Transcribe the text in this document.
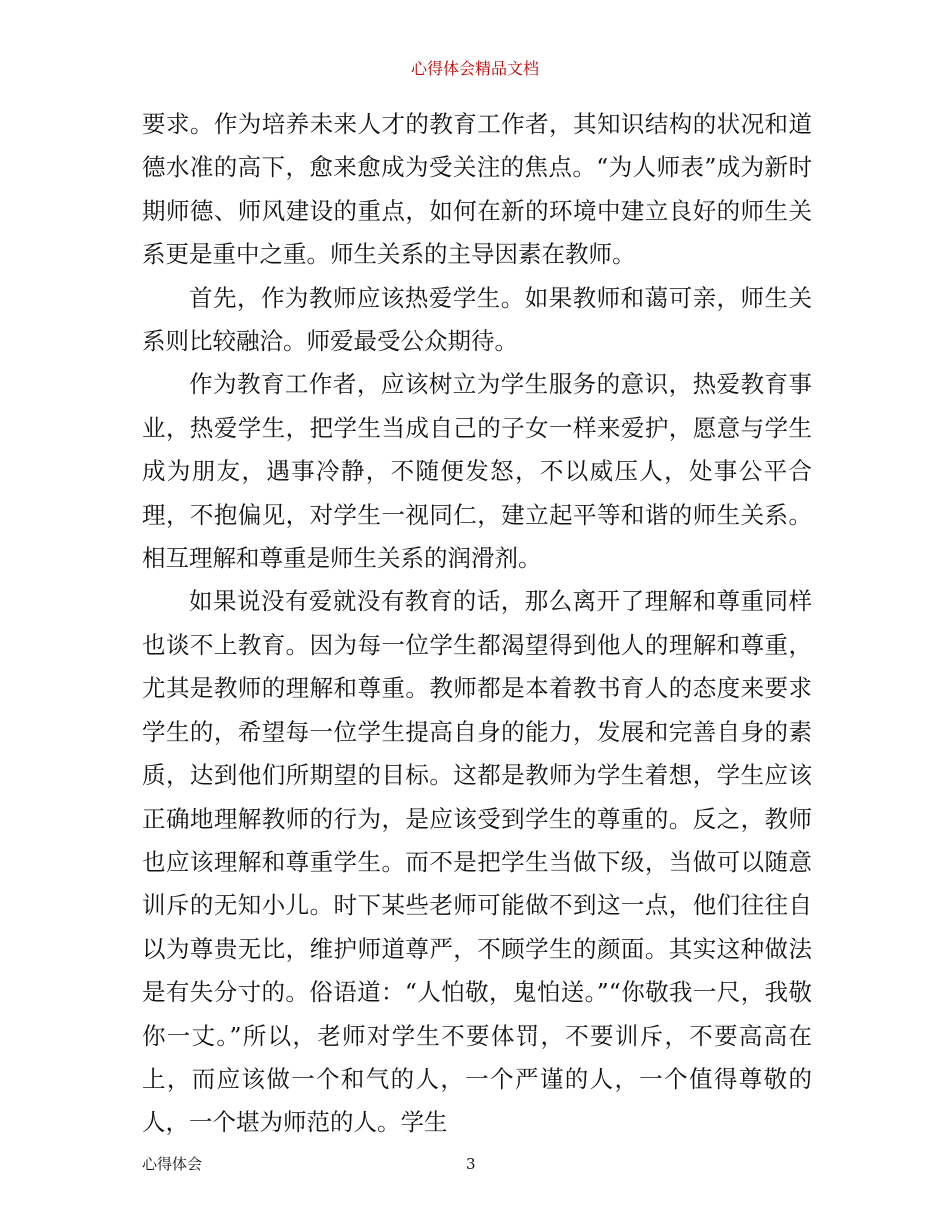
心得体会精品文档

要求。作为培养未来人才的教育工作者，其知识结构的状况和道德水准的高下，愈来愈成为受关注的焦点。“为人师表”成为新时期师德、师风建设的重点，如何在新的环境中建立良好的师生关系更是重中之重。师生关系的主导因素在教师。

首先，作为教师应该热爱学生。如果教师和蔼可亲，师生关系则比较融洽。师爱最受公众期待。

作为教育工作者，应该树立为学生服务的意识，热爱教育事业，热爱学生，把学生当成自己的子女一样来爱护，愿意与学生成为朋友，遇事冷静，不随便发怒，不以威压人，处事公平合理，不抱偏见，对学生一视同仁，建立起平等和谐的师生关系。相互理解和尊重是师生关系的润滑剂。

如果说没有爱就没有教育的话，那么离开了理解和尊重同样也谈不上教育。因为每一位学生都渴望得到他人的理解和尊重，尤其是教师的理解和尊重。教师都是本着教书育人的态度来要求学生的，希望每一位学生提高自身的能力，发展和完善自身的素质，达到他们所期望的目标。这都是教师为学生着想，学生应该正确地理解教师的行为，是应该受到学生的尊重的。反之，教师也应该理解和尊重学生。而不是把学生当做下级，当做可以随意训斥的无知小儿。时下某些老师可能做不到这一点，他们往往自以为尊贵无比，维护师道尊严，不顾学生的颜面。其实这种做法是有失分寸的。俗语道：“人怕敬，鬼怕送。”“你敬我一尺，我敬你一丈。”所以，老师对学生不要体罚，不要训斥，不要高高在上，而应该做一个和气的人，一个严谨的人，一个值得尊敬的人，一个堪为师范的人。学生

心得体会	3
